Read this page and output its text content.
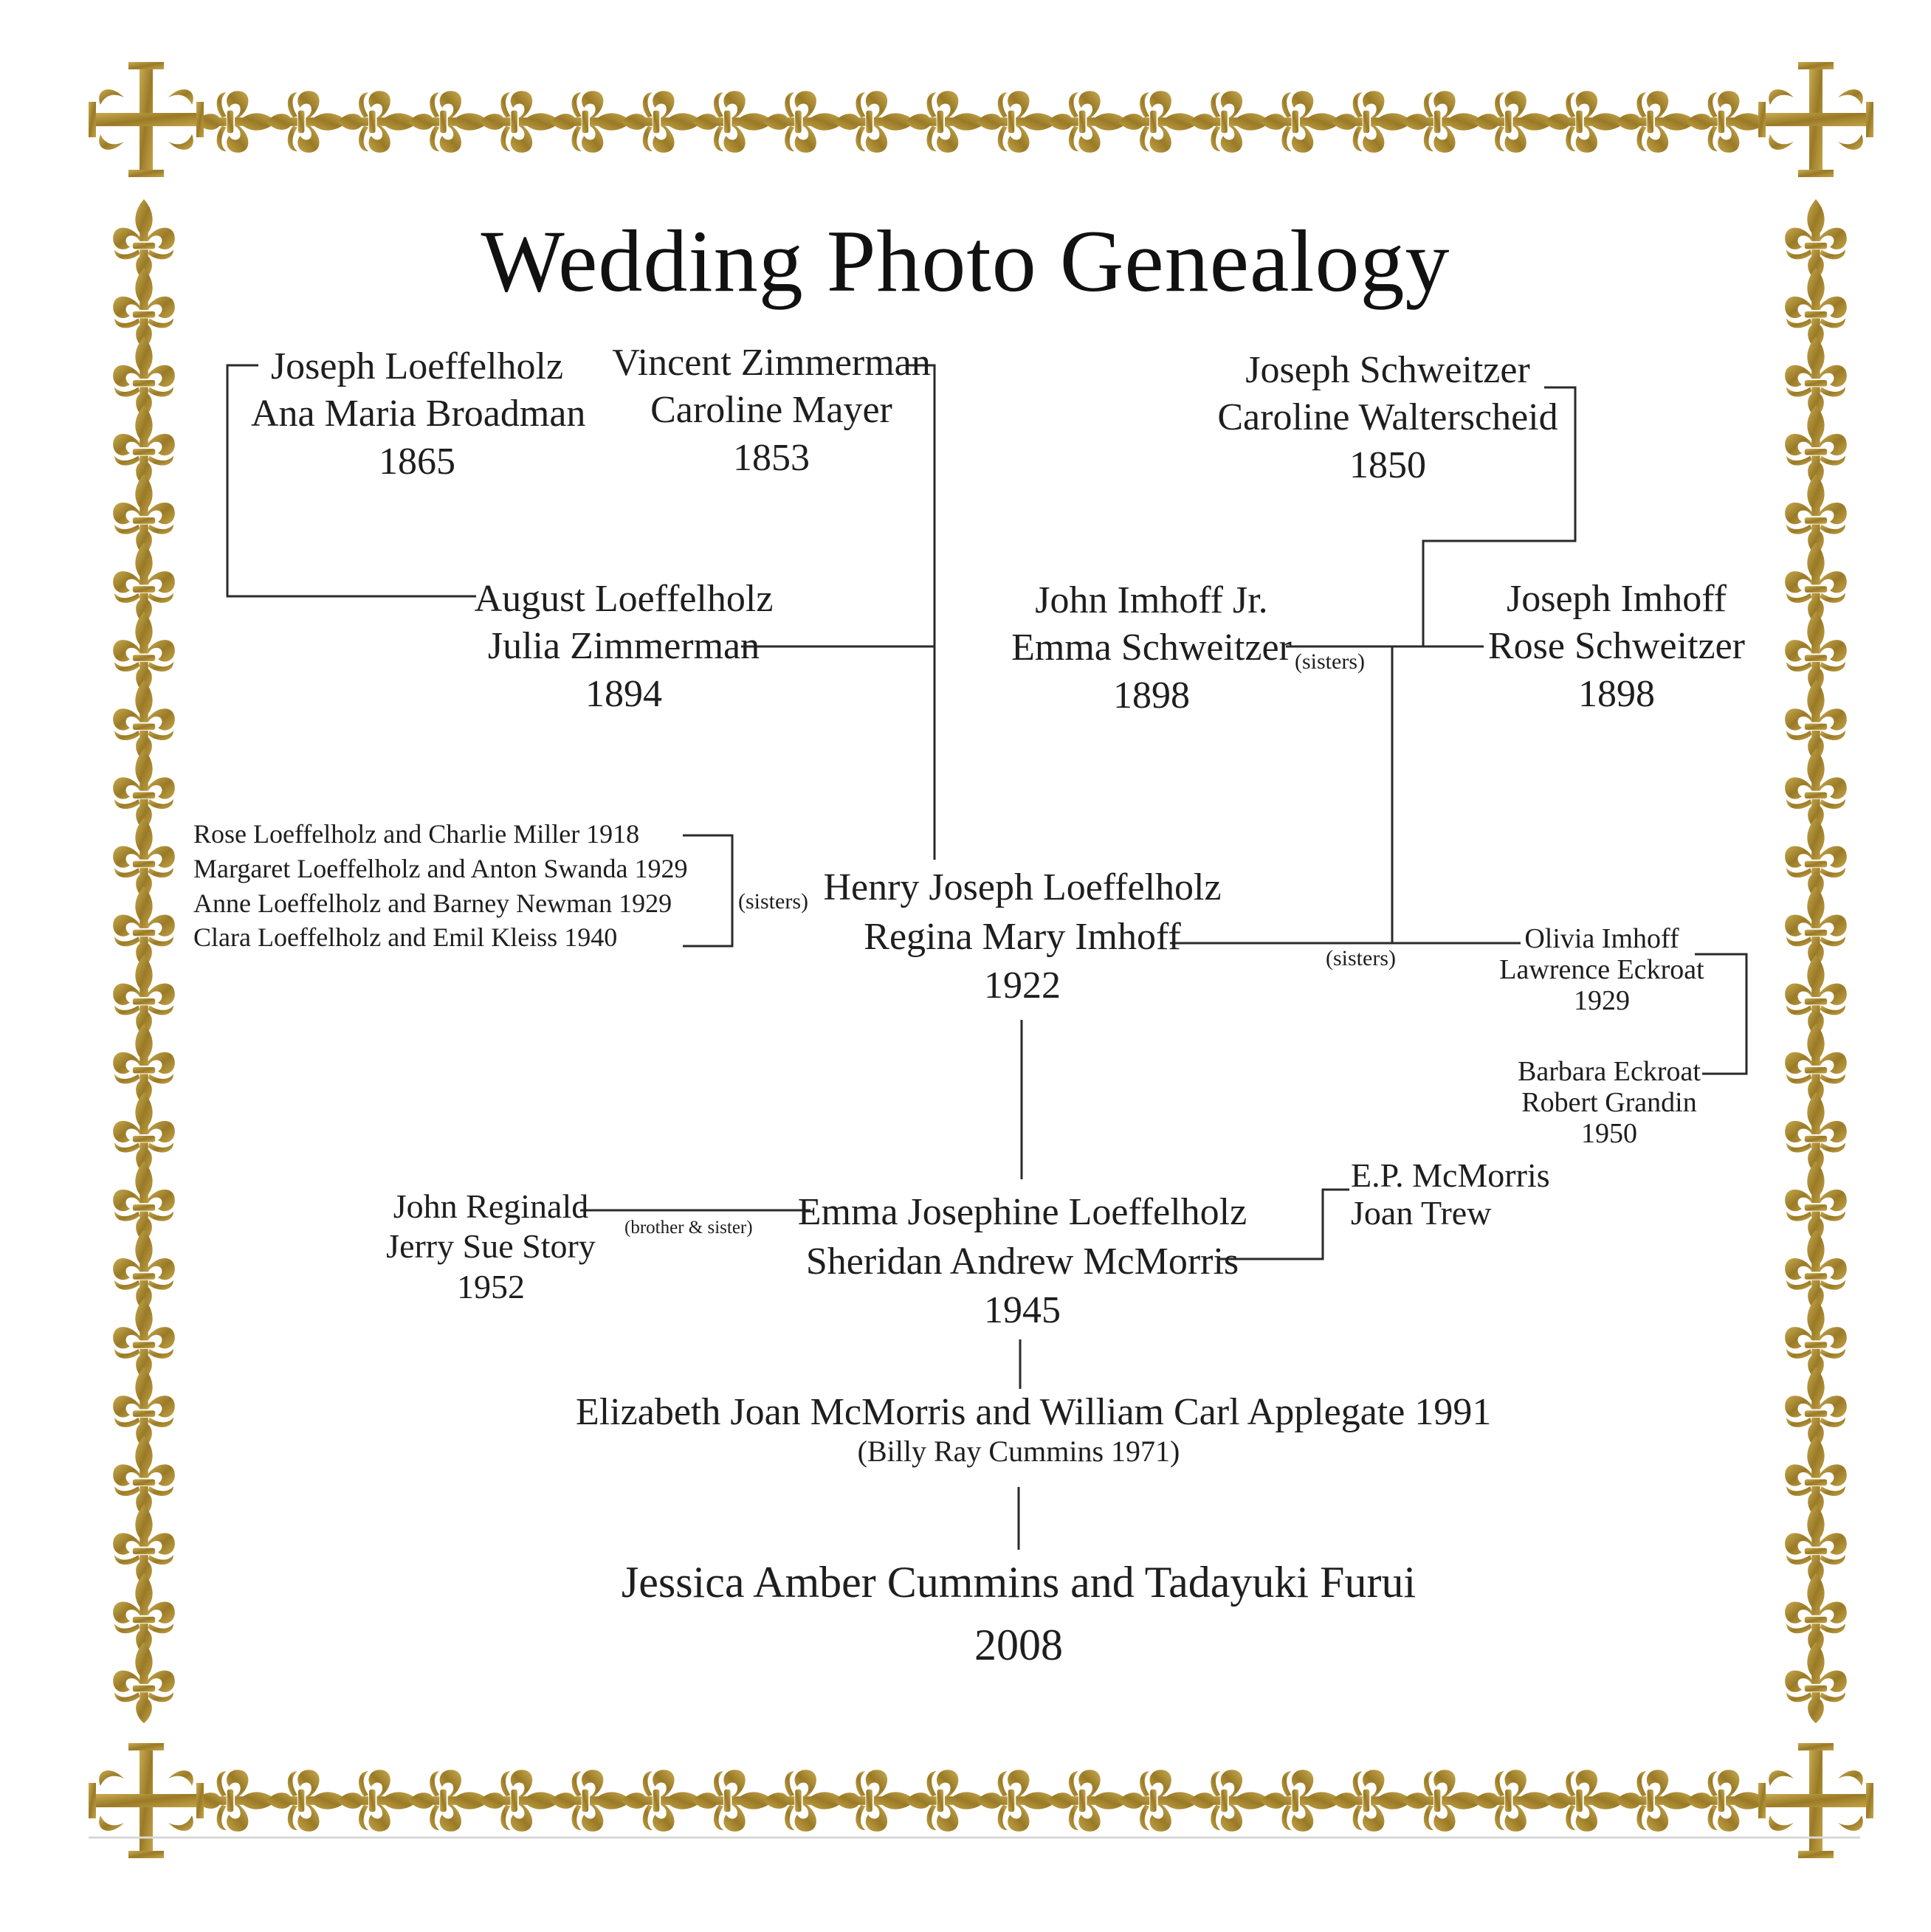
Wedding Photo Genealogy
Joseph Loeffelholz
Ana Maria Broadman
1865
Vincent Zimmerman
Caroline Mayer
1853
Joseph Schweitzer
Caroline Walterscheid
1850
August Loeffelholz
Julia Zimmerman
1894
John Imhoff Jr.
Emma Schweitzer
1898
Joseph Imhoff
Rose Schweitzer
1898
Henry Joseph Loeffelholz
Regina Mary Imhoff
1922
Olivia Imhoff
Lawrence Eckroat
1929
Barbara Eckroat
Robert Grandin
1950
John Reginald
Jerry Sue Story
1952
Emma Josephine Loeffelholz
Sheridan Andrew McMorris
1945
E.P. McMorris
Joan Trew
Elizabeth Joan McMorris and William Carl Applegate 1991
(Billy Ray Cummins 1971)
Jessica Amber Cummins and Tadayuki Furui
2008
Rose Loeffelholz and Charlie Miller 1918
Margaret Loeffelholz and Anton Swanda 1929
Anne Loeffelholz and Barney Newman 1929
Clara Loeffelholz and Emil Kleiss 1940
(sisters)
(sisters)
(sisters)
(brother & sister)
